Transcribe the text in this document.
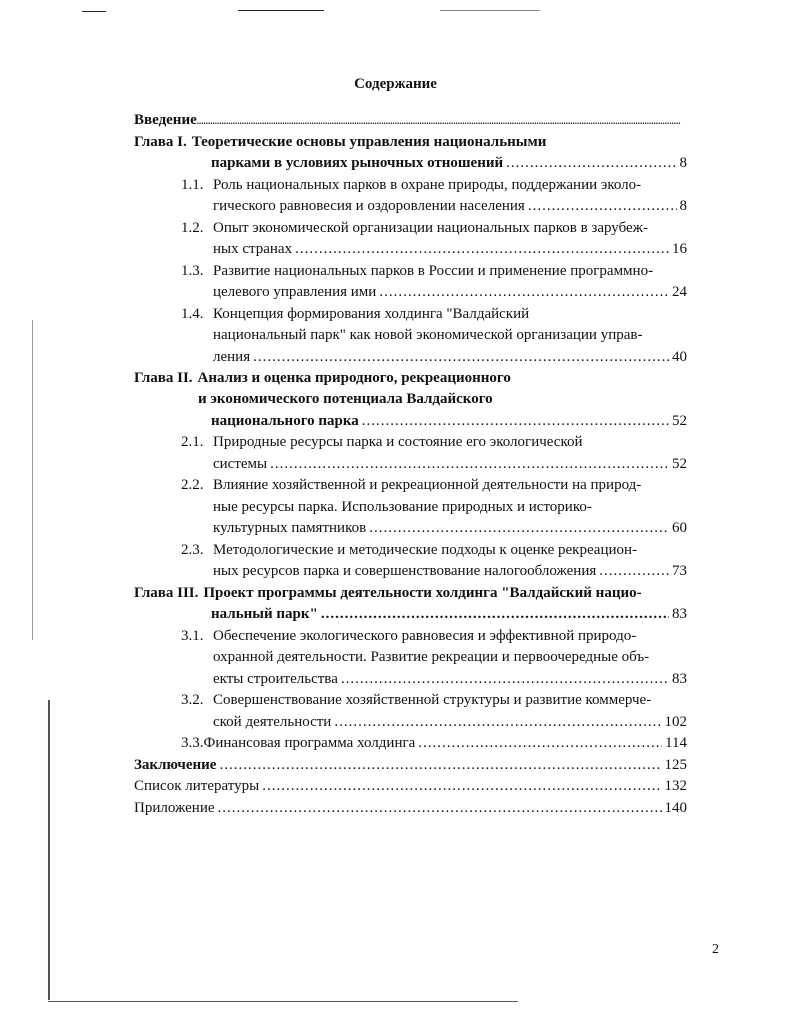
Содержание
Введение
.....
Глава I. Теоретические основы управления национальными
парками в условиях рыночных отношений .....	8
1.1. Роль национальных парков в охране природы, поддержании эколо-
гического равновесия и оздоровлении населения .....	8
1.2. Опыт экономической организации национальных парков в зарубеж-
ных странах .....	16
1.3. Развитие национальных парков в России и применение программно-
целевого управления ими .....	24
1.4. Концепция формирования холдинга "Валдайский
национальный парк" как новой экономической организации управ-
ления .....	40
Глава II. Анализ и оценка природного, рекреационного
и экономического потенциала Валдайского
национального парка .....	52
2.1. Природные ресурсы парка и состояние его экологической
системы .....	52
2.2. Влияние хозяйственной и рекреационной деятельности на природ-
ные ресурсы парка. Использование природных и историко-
культурных памятников .....	60
2.3. Методологические и методические подходы к оценке рекреацион-
ных ресурсов парка и совершенствование налогообложения .....	73
Глава III. Проект программы деятельности холдинга "Валдайский нацио-
нальный парк" .....	83
3.1. Обеспечение экологического равновесия и эффективной природо-
охранной деятельности. Развитие рекреации и первоочередные объ-
екты строительства .....	83
3.2. Совершенствование хозяйственной структуры и развитие коммерче-
ской деятельности .....	102
3.3. Финансовая программа холдинга .....	114
Заключение .....	125
Список литературы .....	132
Приложение .....	140
2
